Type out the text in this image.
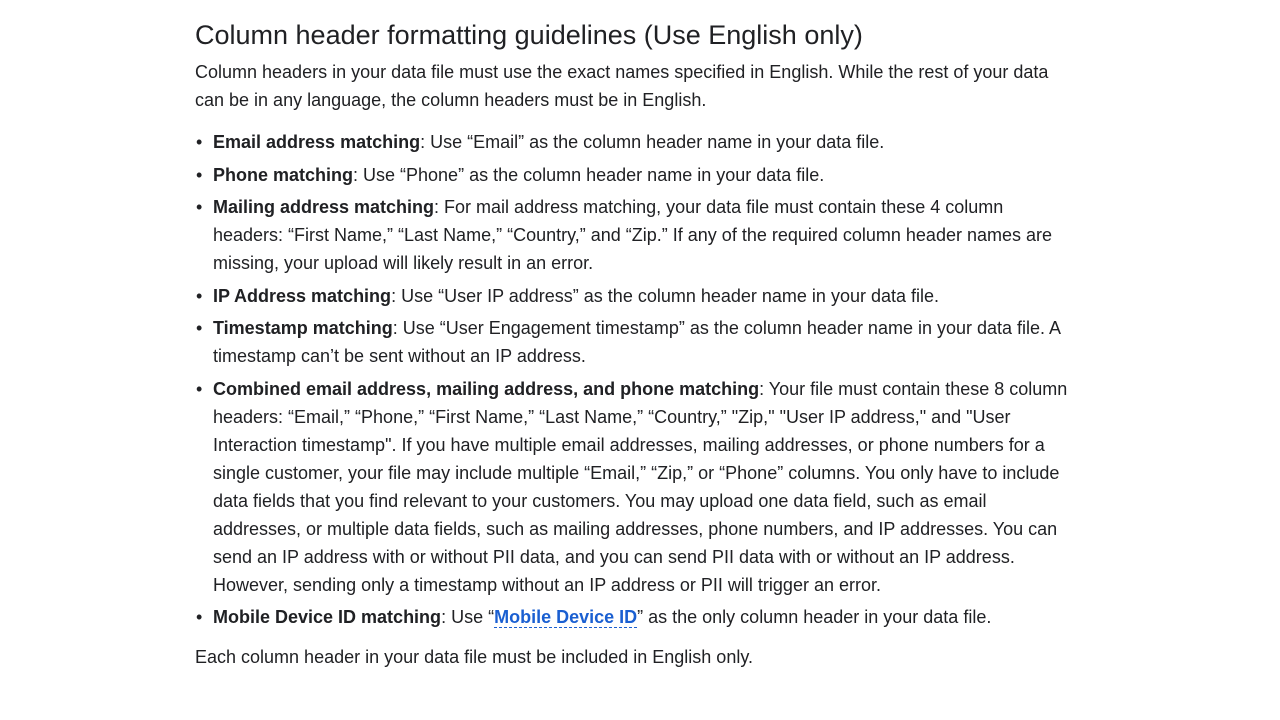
Column header formatting guidelines (Use English only)

Column headers in your data file must use the exact names specified in English. While the rest of your data can be in any language, the column headers must be in English.

• Email address matching: Use “Email” as the column header name in your data file.
• Phone matching: Use “Phone” as the column header name in your data file.
• Mailing address matching: For mail address matching, your data file must contain these 4 column headers: “First Name,” “Last Name,” “Country,” and “Zip.” If any of the required column header names are missing, your upload will likely result in an error.
• IP Address matching: Use “User IP address” as the column header name in your data file.
• Timestamp matching: Use “User Engagement timestamp” as the column header name in your data file. A timestamp can’t be sent without an IP address.
• Combined email address, mailing address, and phone matching: Your file must contain these 8 column headers: “Email,” “Phone,” “First Name,” “Last Name,” “Country,” "Zip," "User IP address," and "User Interaction timestamp". If you have multiple email addresses, mailing addresses, or phone numbers for a single customer, your file may include multiple “Email,” “Zip,” or “Phone” columns. You only have to include data fields that you find relevant to your customers. You may upload one data field, such as email addresses, or multiple data fields, such as mailing addresses, phone numbers, and IP addresses. You can send an IP address with or without PII data, and you can send PII data with or without an IP address. However, sending only a timestamp without an IP address or PII will trigger an error.
• Mobile Device ID matching: Use “Mobile Device ID” as the only column header in your data file.

Each column header in your data file must be included in English only.
